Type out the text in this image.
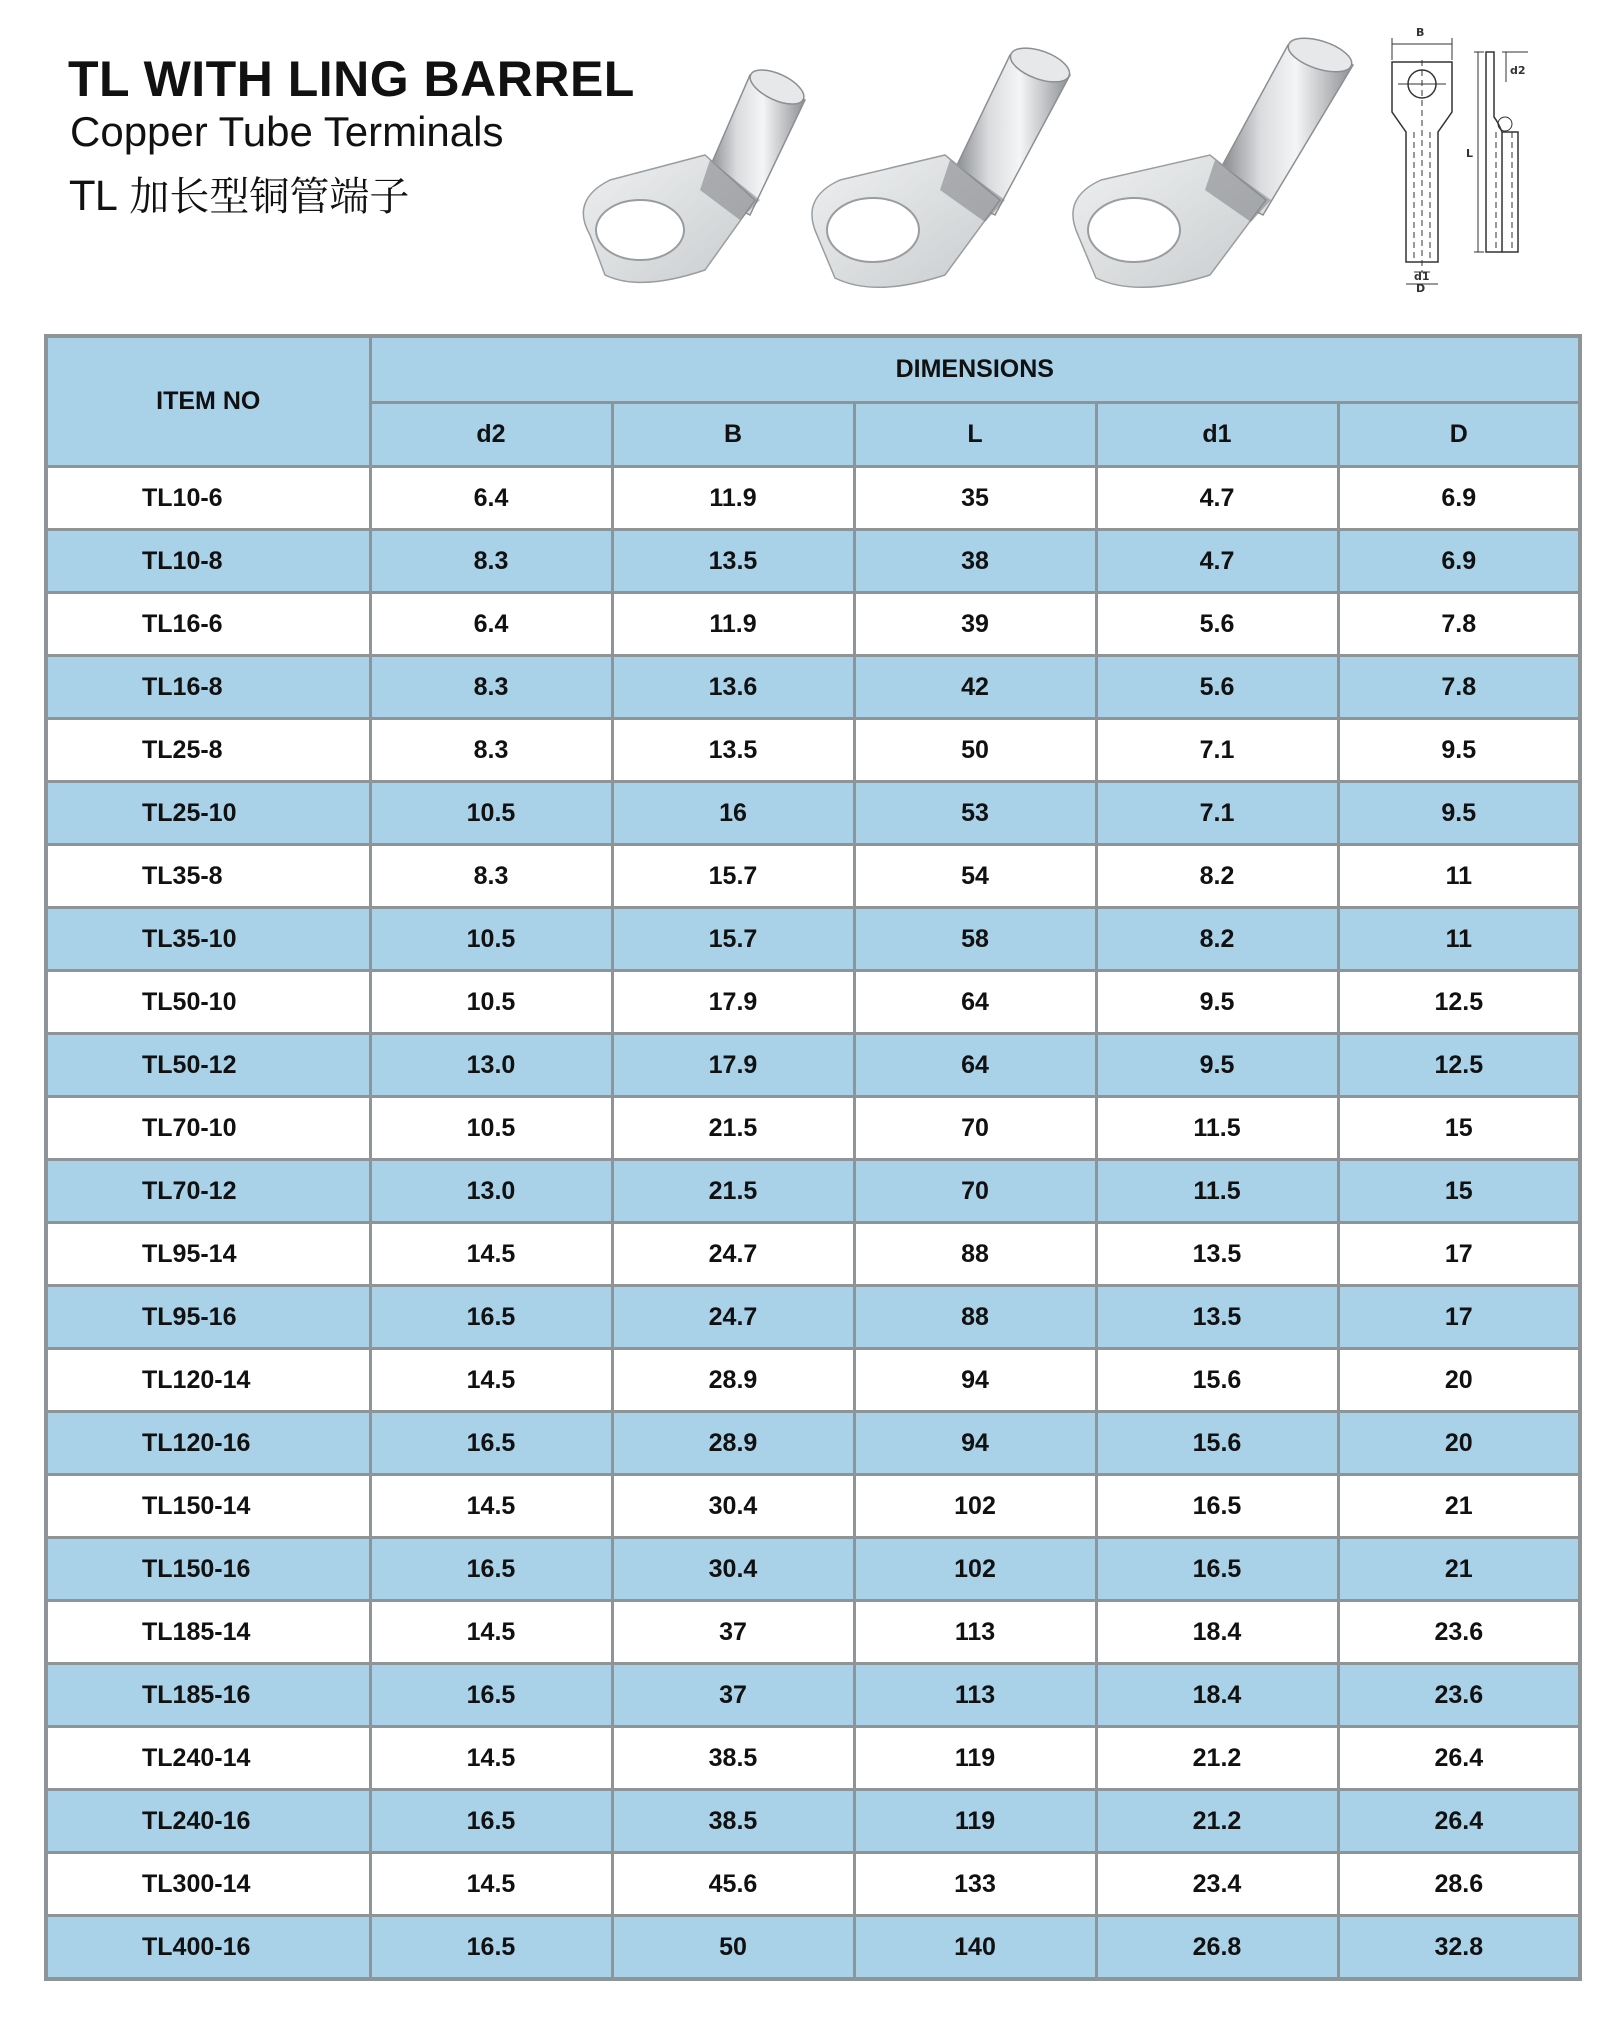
TL WITH LING BARREL
Copper Tube Terminals
TL 加长型铜管端子
B
d2
L
d1
D
ITEM NO	DIMENSIONS				
	d2	B	L	d1	D
TL10-6	6.4	11.9	35	4.7	6.9
TL10-8	8.3	13.5	38	4.7	6.9
TL16-6	6.4	11.9	39	5.6	7.8
TL16-8	8.3	13.6	42	5.6	7.8
TL25-8	8.3	13.5	50	7.1	9.5
TL25-10	10.5	16	53	7.1	9.5
TL35-8	8.3	15.7	54	8.2	11
TL35-10	10.5	15.7	58	8.2	11
TL50-10	10.5	17.9	64	9.5	12.5
TL50-12	13.0	17.9	64	9.5	12.5
TL70-10	10.5	21.5	70	11.5	15
TL70-12	13.0	21.5	70	11.5	15
TL95-14	14.5	24.7	88	13.5	17
TL95-16	16.5	24.7	88	13.5	17
TL120-14	14.5	28.9	94	15.6	20
TL120-16	16.5	28.9	94	15.6	20
TL150-14	14.5	30.4	102	16.5	21
TL150-16	16.5	30.4	102	16.5	21
TL185-14	14.5	37	113	18.4	23.6
TL185-16	16.5	37	113	18.4	23.6
TL240-14	14.5	38.5	119	21.2	26.4
TL240-16	16.5	38.5	119	21.2	26.4
TL300-14	14.5	45.6	133	23.4	28.6
TL400-16	16.5	50	140	26.8	32.8
